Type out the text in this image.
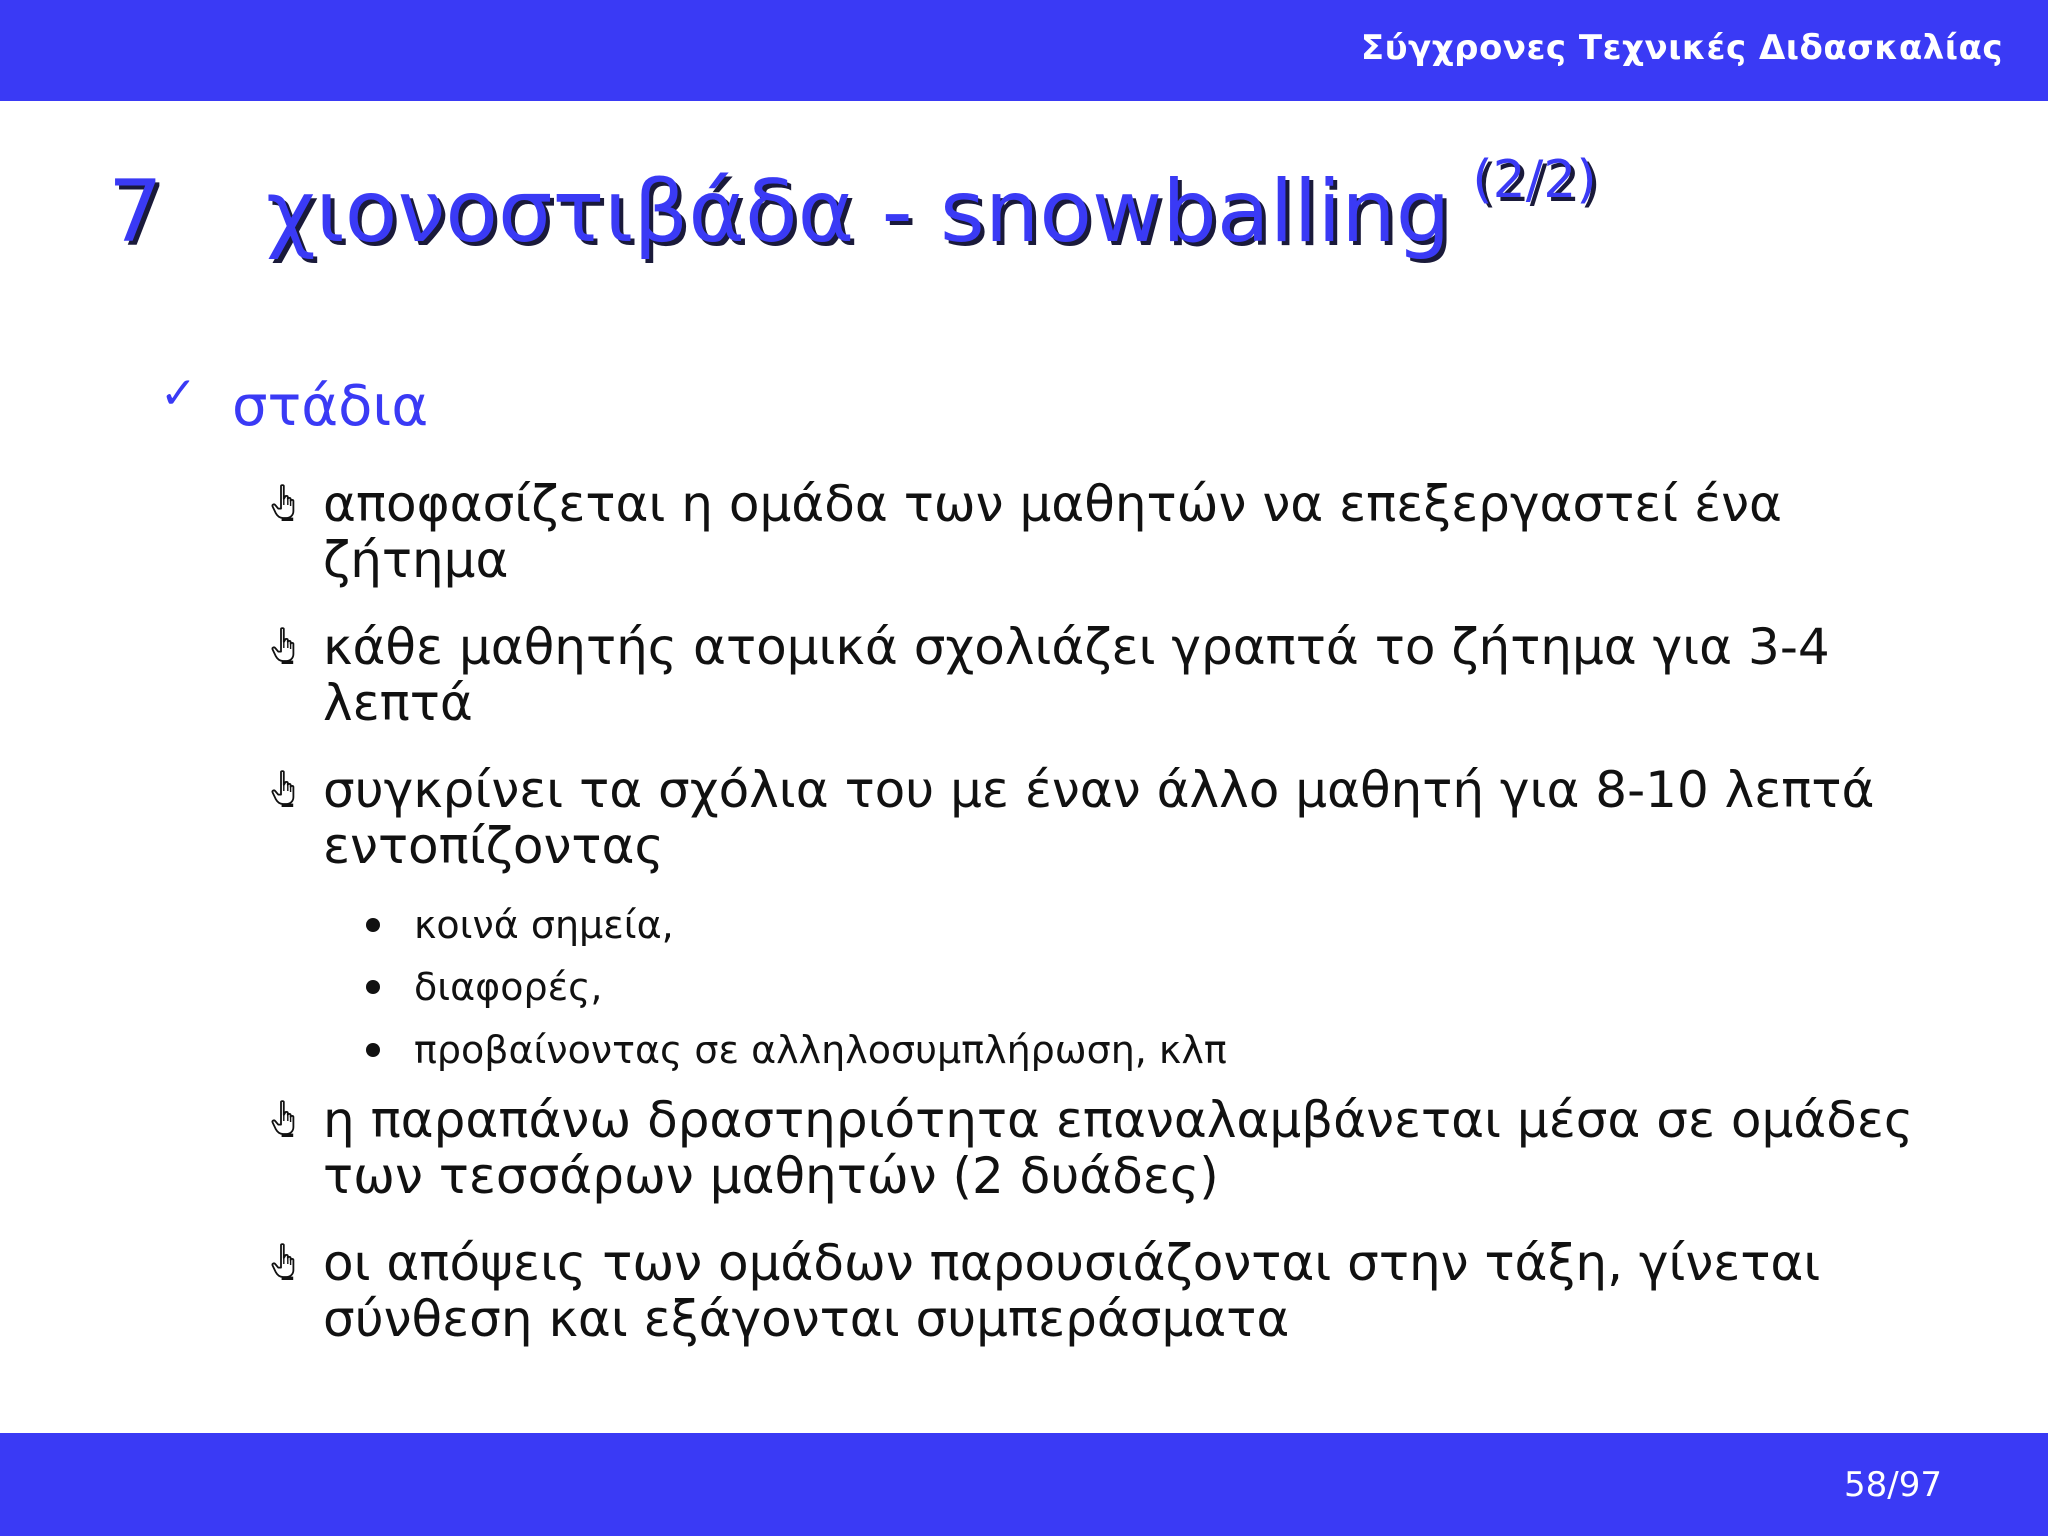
Σύγχρονες Τεχνικές Διδασκαλίας
7 χιονοστιβάδα - snowballing $^{(2/2)}$
✓ στάδια
αποφασίζεται η ομάδα των μαθητών να επεξεργαστεί ένα ζήτημα
κάθε μαθητής ατομικά σχολιάζει γραπτά το ζήτημα για 3-4 λεπτά
συγκρίνει τα σχόλια του με έναν άλλο μαθητή για 8-10 λεπτά εντοπίζοντας
κοινά σημεία,
διαφορές,
προβαίνοντας σε αλληλοσυμπλήρωση, κλπ
η παραπάνω δραστηριότητα επαναλαμβάνεται μέσα σε ομάδες των τεσσάρων μαθητών (2 δυάδες)
οι απόψεις των ομάδων παρουσιάζονται στην τάξη, γίνεται σύνθεση και εξάγονται συμπεράσματα
58/97
